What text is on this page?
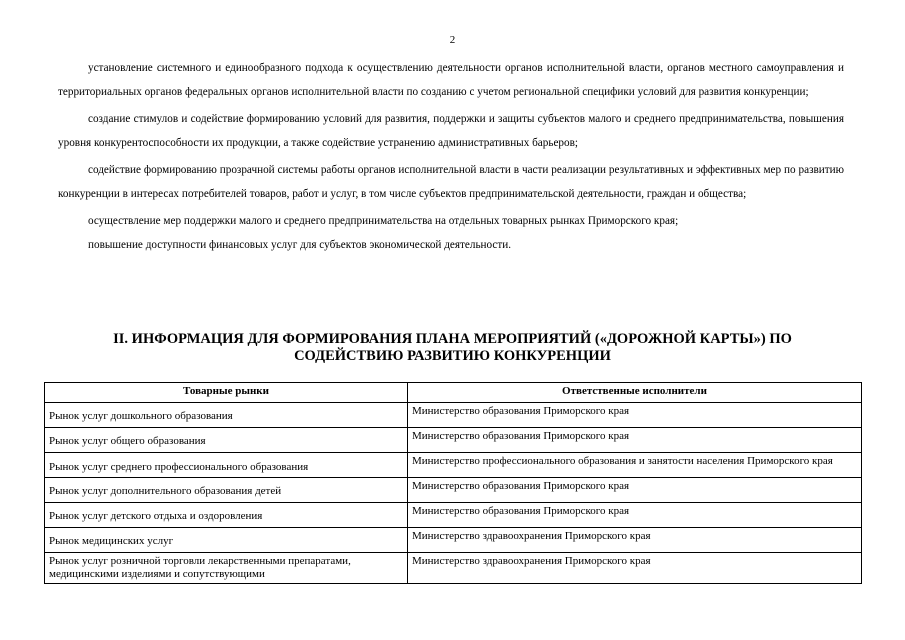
2

установление системного и единообразного подхода к осуществлению деятельности органов исполнительной власти, органов местного самоуправления и территориальных органов федеральных органов исполнительной власти по созданию с учетом региональной специфики условий для развития конкуренции;

создание стимулов и содействие формированию условий для развития, поддержки и защиты субъектов малого и среднего предпринимательства, повышения уровня конкурентоспособности их продукции, а также содействие устранению административных барьеров;

содействие формированию прозрачной системы работы органов исполнительной власти в части реализации результативных и эффективных мер по развитию конкуренции в интересах потребителей товаров, работ и услуг, в том числе субъектов предпринимательской деятельности, граждан и общества;

осуществление мер поддержки малого и среднего предпринимательства на отдельных товарных рынках Приморского края;

повышение доступности финансовых услуг для субъектов экономической деятельности.

II. ИНФОРМАЦИЯ ДЛЯ ФОРМИРОВАНИЯ ПЛАНА МЕРОПРИЯТИЙ («ДОРОЖНОЙ КАРТЫ») ПО
СОДЕЙСТВИЮ РАЗВИТИЮ КОНКУРЕНЦИИ
Товарные рынки	Ответственные исполнители

Рынок услуг дошкольного образования	Министерство образования Приморского края

Рынок услуг общего образования	Министерство образования Приморского края

Рынок услуг среднего профессионального образования	Министерство профессионального образования и занятости населения Приморского края

Рынок услуг дополнительного образования детей	Министерство образования Приморского края

Рынок услуг детского отдыха и оздоровления	Министерство образования Приморского края

Рынок медицинских услуг	Министерство здравоохранения Приморского края

Рынок услуг розничной торговли лекарственными препаратами, медицинскими изделиями и сопутствующими	Министерство здравоохранения Приморского края
